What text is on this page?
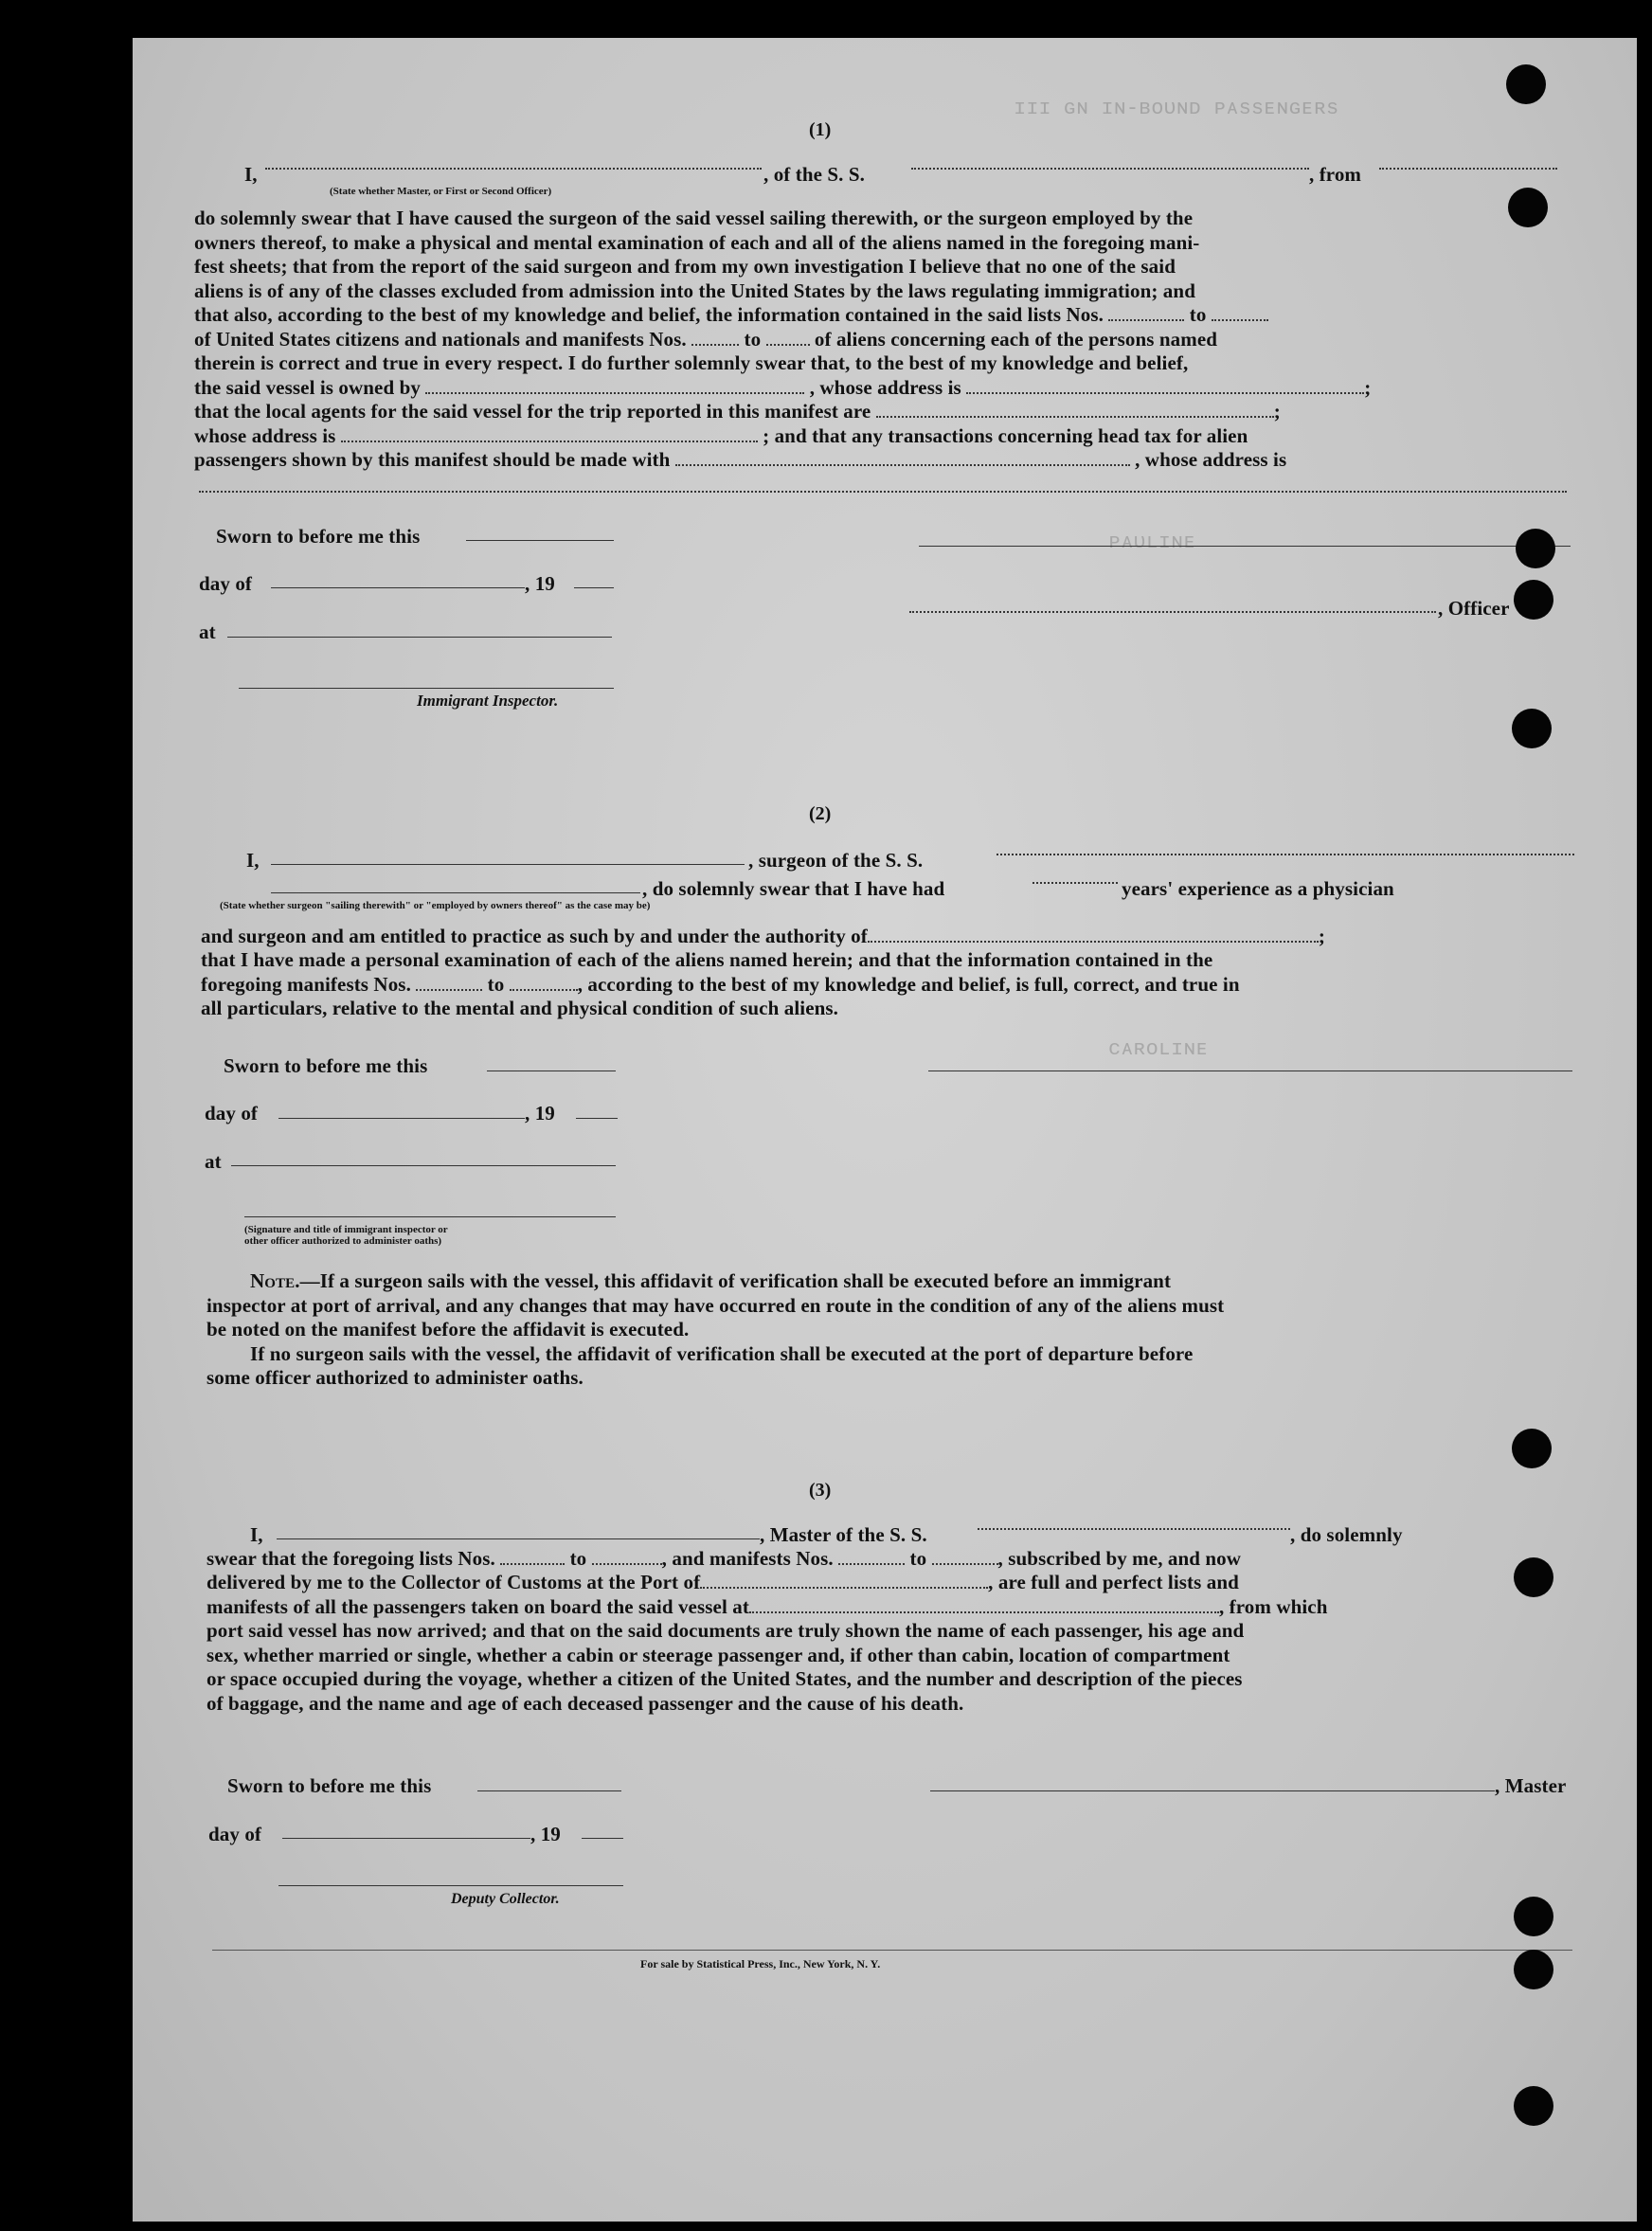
ɪɪɪ ɢɴ ɪɴ-ʙᴏᴜɴᴅ ᴘᴀssᴇɴɢᴇʀs
ᴘᴀᴜʟɪɴᴇ
ᴄᴀʀᴏʟɪɴᴇ
(1)
I,	, of the S. S.	, from
(State whether Master, or First or Second Officer)
do solemnly swear that I have caused the surgeon of the said vessel sailing therewith, or the surgeon employed by the
owners thereof, to make a physical and mental examination of each and all of the aliens named in the foregoing mani-
fest sheets; that from the report of the said surgeon and from my own investigation I believe that no one of the said
aliens is of any of the classes excluded from admission into the United States by the laws regulating immigration; and
that also, according to the best of my knowledge and belief, the information contained in the said lists Nos.	to
of United States citizens and nationals and manifests Nos.	to	of aliens concerning each of the persons named
therein is correct and true in every respect. I do further solemnly swear that, to the best of my knowledge and belief,
the said vessel is owned by	, whose address is	;
that the local agents for the said vessel for the trip reported in this manifest are	;
whose address is	; and that any transactions concerning head tax for alien
passengers shown by this manifest should be made with	, whose address is
Sworn to before me this
day of	, 19
, Officer
at
Immigrant Inspector.
(2)
I,	, surgeon of the S. S.
, do solemnly swear that I have had	years' experience as a physician
(State whether surgeon "sailing therewith" or "employed by owners thereof" as the case may be)
and surgeon and am entitled to practice as such by and under the authority of	;
that I have made a personal examination of each of the aliens named herein; and that the information contained in the
foregoing manifests Nos.	to	, according to the best of my knowledge and belief, is full, correct, and true in
all particulars, relative to the mental and physical condition of such aliens.
Sworn to before me this
day of	, 19
at
(Signature and title of immigrant inspector or
other officer authorized to administer oaths)
Note.—If a surgeon sails with the vessel, this affidavit of verification shall be executed before an immigrant
inspector at port of arrival, and any changes that may have occurred en route in the condition of any of the aliens must
be noted on the manifest before the affidavit is executed.
If no surgeon sails with the vessel, the affidavit of verification shall be executed at the port of departure before
some officer authorized to administer oaths.
(3)
I,	, Master of the S. S.	, do solemnly
swear that the foregoing lists Nos.	to	, and manifests Nos.	to	, subscribed by me, and now
delivered by me to the Collector of Customs at the Port of	, are full and perfect lists and
manifests of all the passengers taken on board the said vessel at	, from which
port said vessel has now arrived; and that on the said documents are truly shown the name of each passenger, his age and
sex, whether married or single, whether a cabin or steerage passenger and, if other than cabin, location of compartment
or space occupied during the voyage, whether a citizen of the United States, and the number and description of the pieces
of baggage, and the name and age of each deceased passenger and the cause of his death.
Sworn to before me this	, Master
day of	, 19
Deputy Collector.
For sale by Statistical Press, Inc., New York, N. Y.
